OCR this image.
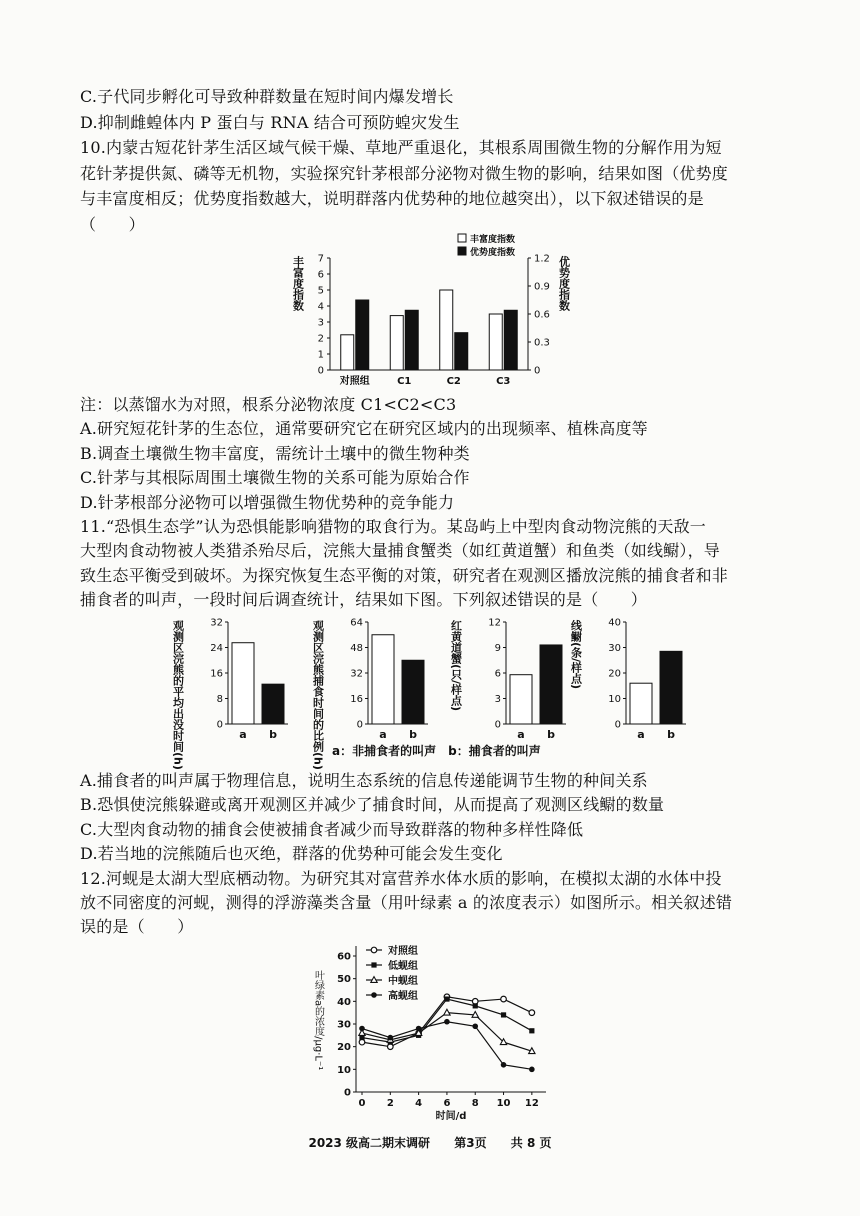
C.子代同步孵化可导致种群数量在短时间内爆发增长
D.抑制雌蝗体内 P 蛋白与 RNA 结合可预防蝗灾发生
10.内蒙古短花针茅生活区域气候干燥、草地严重退化，其根系周围微生物的分解作用为短
花针茅提供氮、磷等无机物，实验探究针茅根部分泌物对微生物的影响，结果如图（优势度
与丰富度相反；优势度指数越大，说明群落内优势种的地位越突出），以下叙述错误的是
（　　）
0
1
2
3
4
5
6
7
0
0.3
0.6
0.9
1.2
丰富度指数	优势度指数
对照组	C1	C2	C3
丰富度指数
优势度指数
注：以蒸馏水为对照，根系分泌物浓度 C1<C2<C3
A.研究短花针茅的生态位，通常要研究它在研究区域内的出现频率、植株高度等
B.调查土壤微生物丰富度，需统计土壤中的微生物种类
C.针茅与其根际周围土壤微生物的关系可能为原始合作
D.针茅根部分泌物可以增强微生物优势种的竞争能力
11.“恐惧生态学”认为恐惧能影响猎物的取食行为。某岛屿上中型肉食动物浣熊的天敌一
大型肉食动物被人类猎杀殆尽后，浣熊大量捕食蟹类（如红黄道蟹）和鱼类（如线鳚），导
致生态平衡受到破坏。为探究恢复生态平衡的对策，研究者在观测区播放浣熊的捕食者和非
捕食者的叫声，一段时间后调查统计，结果如下图。下列叙述错误的是（　　）
0
8
16
24
32
观测区浣熊的平均出没时间(h)	a b
0
16
32
48
64
观测区浣熊捕食时间的比例(h)	a b
0
3
6
9
12
红黄道蟹(只/样点)
a b
0
10
20
30
40
线鳚(条/样点)
a b
a：非捕食者的叫声　b：捕食者的叫声
A.捕食者的叫声属于物理信息，说明生态系统的信息传递能调节生物的种间关系
B.恐惧使浣熊躲避或离开观测区并减少了捕食时间，从而提高了观测区线鳚的数量
C.大型肉食动物的捕食会使被捕食者减少而导致群落的物种多样性降低
D.若当地的浣熊随后也灭绝，群落的优势种可能会发生变化
12.河蚬是太湖大型底栖动物。为研究其对富营养水体水质的影响，在模拟太湖的水体中投
放不同密度的河蚬，测得的浮游藻类含量（用叶绿素 a 的浓度表示）如图所示。相关叙述错
误的是（　　）
0
10
20
30
40
50
60
0 2 4 6 8 10 12
时间/d
叶绿素a的浓度/μg·L⁻¹
对照组
低蚬组
中蚬组
高蚬组
2023 级高二期末调研 第3页 共 8 页
